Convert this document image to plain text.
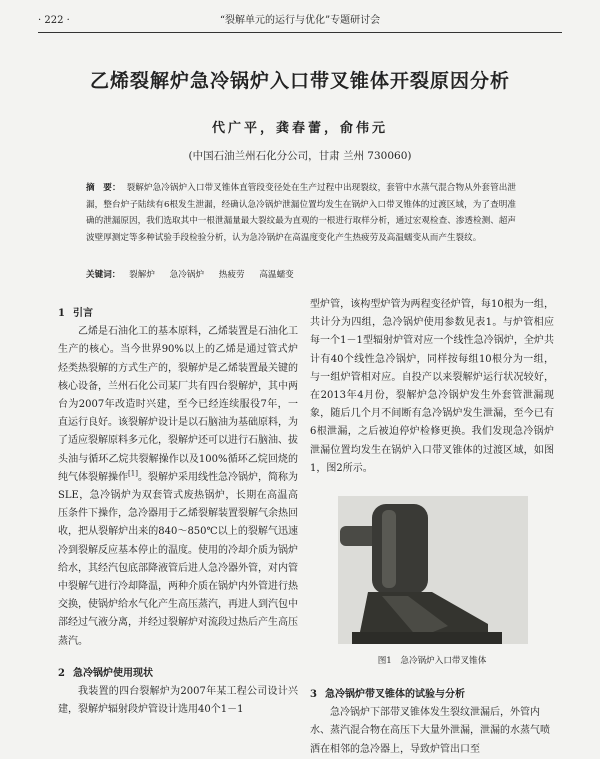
· 222 ·	“裂解单元的运行与优化”专题研讨会
乙烯裂解炉急冷锅炉入口带叉锥体开裂原因分析
代广平，龚春蕾，俞伟元
(中国石油兰州石化分公司，甘肃 兰州 730060)
摘　要： 裂解炉急冷锅炉入口带叉锥体直管段变径处在生产过程中出现裂纹，套管中水蒸气混合物从外套管出泄漏，整台炉子陆续有6根发生泄漏，经确认急冷锅炉泄漏位置均发生在锅炉入口带叉锥体的过渡区域，为了查明准确的泄漏原因，我们选取其中一根泄漏量最大裂纹最为直观的一根进行取样分析，通过宏观检查、渗透检测、超声波壁厚测定等多种试验手段检验分析，认为急冷锅炉在高温度变化产生热疲劳及高温蠕变从而产生裂纹。
关键词： 裂解炉 急冷锅炉 热疲劳 高温蠕变
1 引言

乙烯是石油化工的基本原料，乙烯装置是石油化工生产的核心。当今世界90%以上的乙烯是通过管式炉烃类热裂解的方式生产的，裂解炉是乙烯装置最关键的核心设备，兰州石化公司某厂共有四台裂解炉，其中两台为2007年改造时兴建，至今已经连续服役7年，一直运行良好。该裂解炉设计是以石脑油为基础原料，为了适应裂解原料多元化，裂解炉还可以进行石脑油、拔头油与循环乙烷共裂解操作以及100%循环乙烷回烧的纯气体裂解操作[1]。裂解炉采用线性急冷锅炉，简称为SLE，急冷锅炉为双套管式废热锅炉，长期在高温高压条件下操作，急冷器用于乙烯裂解装置裂解气余热回收，把从裂解炉出来的840～850℃以上的裂解气迅速冷到裂解反应基本停止的温度。使用的冷却介质为锅炉给水，其经汽包底部降液管后进人急冷器外管，对内管中裂解气进行冷却降温，两种介质在锅炉内外管进行热交换，使锅炉给水气化产生高压蒸汽，再进人到汽包中部经过气液分离，并经过裂解炉对流段过热后产生高压蒸汽。

2 急冷锅炉使用现状

我装置的四台裂解炉为2007年某工程公司设计兴建，裂解炉辐射段炉管设计选用40个1－1

型炉管，该构型炉管为两程变径炉管，每10根为一组，共计分为四组，急冷锅炉使用参数见表1。与炉管相应每一个1－1型辐射炉管对应一个线性急冷锅炉，全炉共计有40个线性急冷锅炉，同样按每组10根分为一组，与一组炉管相对应。自投产以来裂解炉运行状况较好，在2013年4月份，裂解炉急冷锅炉发生外套管泄漏现象，随后几个月不间断有急冷锅炉发生泄漏，至今已有6根泄漏，之后被迫停炉检修更换。我们发现急冷锅炉泄漏位置均发生在锅炉入口带叉锥体的过渡区域，如图1，图2所示。

图1　急冷锅炉入口带叉锥体
3 急冷锅炉带叉锥体的试验与分析

急冷锅炉下部带叉锥体发生裂纹泄漏后，外管内水、蒸汽混合物在高压下大量外泄漏，泄漏的水蒸气喷洒在相邻的急冷器上，导致炉管出口至
